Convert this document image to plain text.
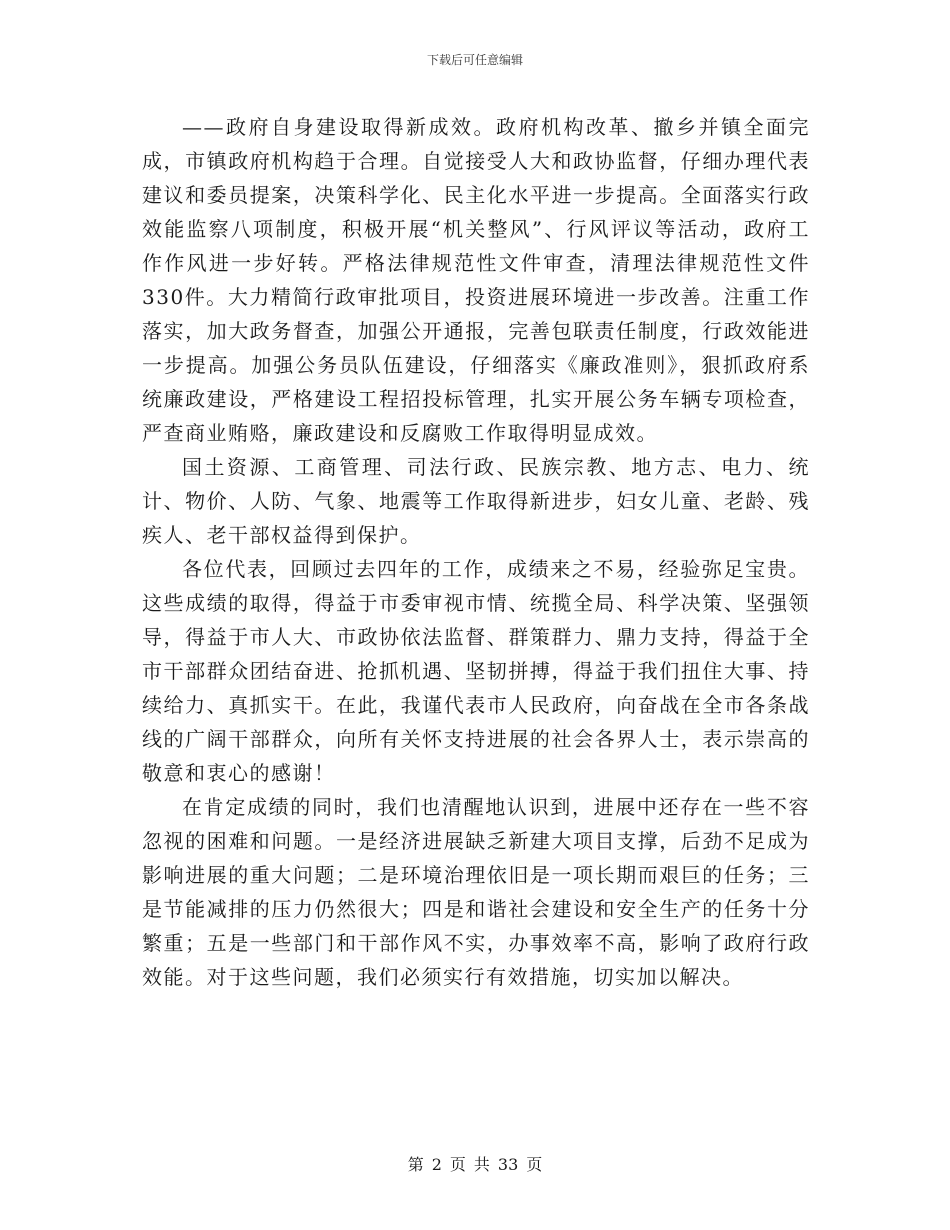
下载后可任意编辑

——政府自身建设取得新成效。政府机构改革、撤乡并镇全面完成，市镇政府机构趋于合理。自觉接受人大和政协监督，仔细办理代表建议和委员提案，决策科学化、民主化水平进一步提高。全面落实行政效能监察八项制度，积极开展“机关整风”、行风评议等活动，政府工作作风进一步好转。严格法律规范性文件审查，清理法律规范性文件330件。大力精简行政审批项目，投资进展环境进一步改善。注重工作落实，加大政务督查，加强公开通报，完善包联责任制度，行政效能进一步提高。加强公务员队伍建设，仔细落实《廉政准则》，狠抓政府系统廉政建设，严格建设工程招投标管理，扎实开展公务车辆专项检查，严查商业贿赂，廉政建设和反腐败工作取得明显成效。

国土资源、工商管理、司法行政、民族宗教、地方志、电力、统计、物价、人防、气象、地震等工作取得新进步，妇女儿童、老龄、残疾人、老干部权益得到保护。

各位代表，回顾过去四年的工作，成绩来之不易，经验弥足宝贵。这些成绩的取得，得益于市委审视市情、统揽全局、科学决策、坚强领导，得益于市人大、市政协依法监督、群策群力、鼎力支持，得益于全市干部群众团结奋进、抢抓机遇、坚韧拼搏，得益于我们扭住大事、持续给力、真抓实干。在此，我谨代表市人民政府，向奋战在全市各条战线的广阔干部群众，向所有关怀支持进展的社会各界人士，表示崇高的敬意和衷心的感谢！

在肯定成绩的同时，我们也清醒地认识到，进展中还存在一些不容忽视的困难和问题。一是经济进展缺乏新建大项目支撑，后劲不足成为影响进展的重大问题；二是环境治理依旧是一项长期而艰巨的任务；三是节能减排的压力仍然很大；四是和谐社会建设和安全生产的任务十分繁重；五是一些部门和干部作风不实，办事效率不高，影响了政府行政效能。对于这些问题，我们必须实行有效措施，切实加以解决。

第 2 页 共 33 页
